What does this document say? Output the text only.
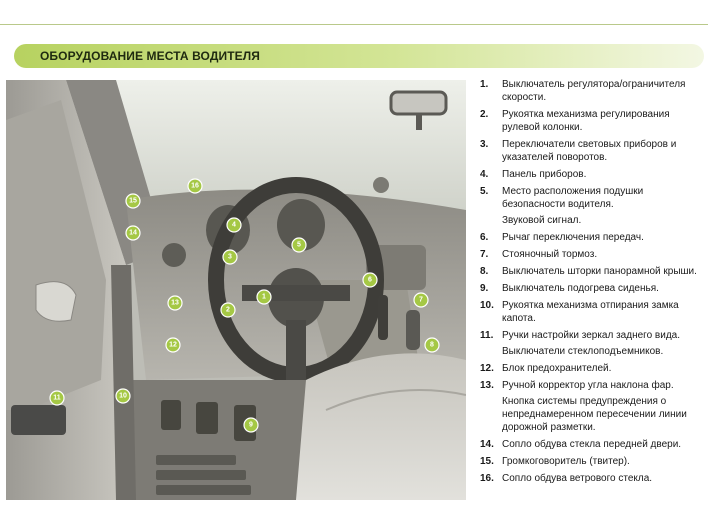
ОБОРУДОВАНИЕ МЕСТА ВОДИТЕЛЯ
1
2
3
4
5
6
7
8
9
10
11
12
13
14
15
16
1.	Выключатель регулятора/ограничителя скорости.
2.	Рукоятка механизма регулирования рулевой колонки.
3.	Переключатели световых приборов и указателей поворотов.
4.	Панель приборов.
5.	Место расположения подушки безопасности водителя.
Звуковой сигнал.
6.	Рычаг переключения передач.
7.	Стояночный тормоз.
8.	Выключатель шторки панорамной крыши.
9.	Выключатель подогрева сиденья.
10. Рукоятка механизма отпирания замка капота.
11. Ручки настройки зеркал заднего вида.
Выключатели стеклоподъемников.
12. Блок предохранителей.
13. Ручной корректор угла наклона фар.
Кнопка системы предупреждения о непреднамеренном пересечении линии дорожной разметки.
14. Сопло обдува стекла передней двери.
15. Громкоговоритель (твитер).
16. Сопло обдува ветрового стекла.
